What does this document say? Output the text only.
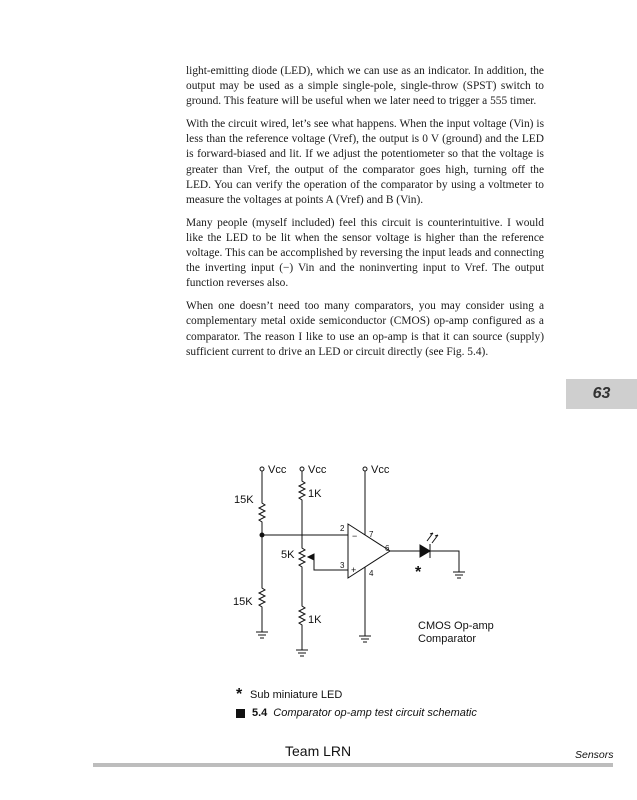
light-emitting diode (LED), which we can use as an indicator. In addition, the output may be used as a simple single-pole, single-throw (SPST) switch to ground. This feature will be useful when we later need to trigger a 555 timer.

With the circuit wired, let’s see what happens. When the input voltage (Vin) is less than the reference voltage (Vref), the output is 0 V (ground) and the LED is forward-biased and lit. If we adjust the potentiometer so that the voltage is greater than Vref, the output of the comparator goes high, turning off the LED. You can verify the operation of the comparator by using a voltmeter to measure the voltages at points A (Vref) and B (Vin).

Many people (myself included) feel this circuit is counterintuitive. I would like the LED to be lit when the sensor voltage is higher than the reference voltage. This can be accomplished by reversing the input leads and connecting the inverting input (−) Vin and the noninverting input to Vref. The output function reverses also.

When one doesn’t need too many comparators, you may consider using a complementary metal oxide semiconductor (CMOS) op-amp configured as a comparator. The reason I like to use an op-amp is that it can source (supply) sufficient current to drive an LED or circuit directly (see Fig. 5.4).

63
Vcc Vcc	Vcc
15K
15K
1K
5K
1K
2
−
3 +
7
4
6
*
CMOS Op-amp
Comparator
* Sub miniature LED
5.4 Comparator op-amp test circuit schematic
Team LRN	Sensors
